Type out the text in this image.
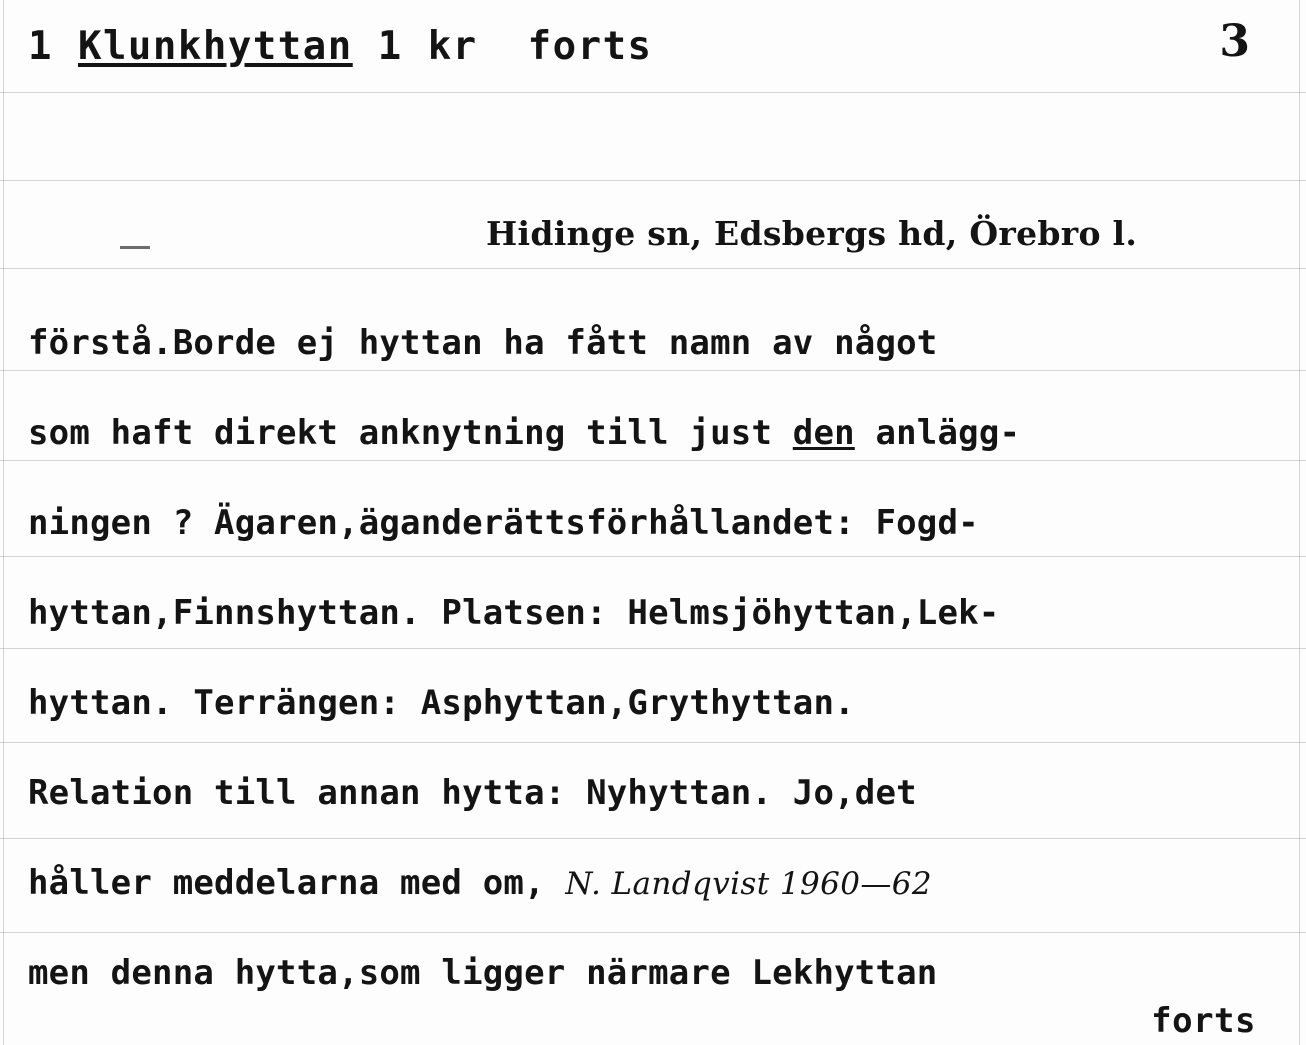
1 Klunkhyttan 1 kr forts	3
Hidinge sn, Edsbergs hd, Örebro l.
förstå.Borde ej hyttan ha fått namn av något
som haft direkt anknytning till just den anlägg-
ningen ? Ägaren,äganderättsförhållandet: Fogd-
hyttan,Finnshyttan. Platsen: Helmsjöhyttan,Lek-
hyttan. Terrängen: Asphyttan,Grythyttan.
Relation till annan hytta: Nyhyttan. Jo,det
håller meddelarna med om, N. Landqvist 1960—62
men denna hytta,som ligger närmare Lekhyttan
forts
